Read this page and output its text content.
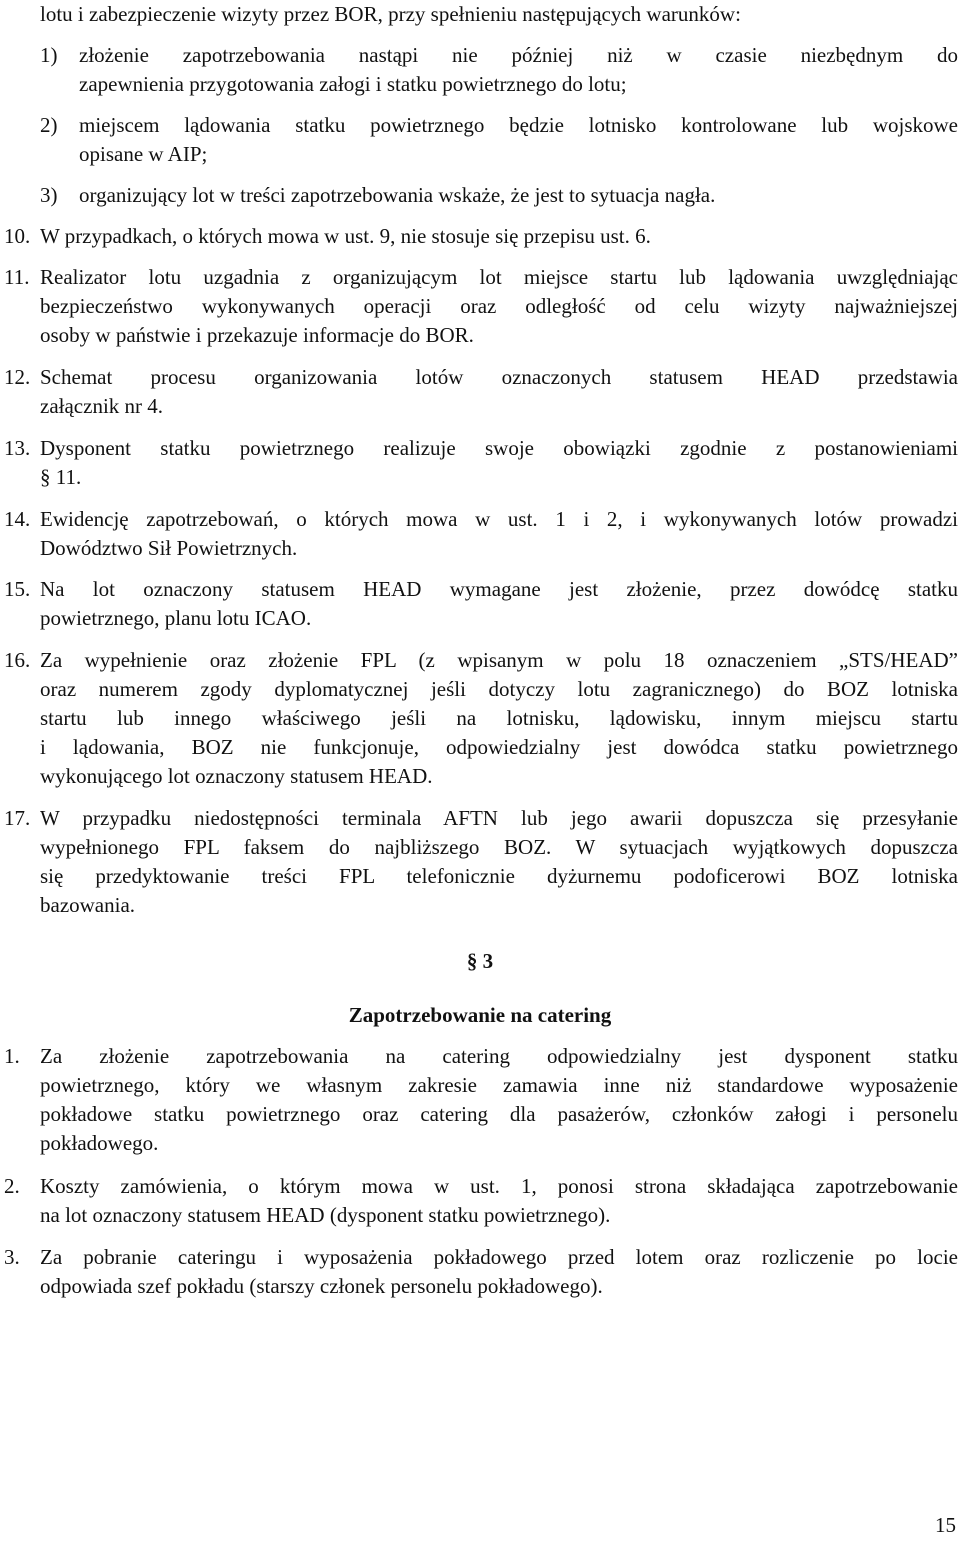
lotu i zabezpieczenie wizyty przez BOR, przy spełnieniu następujących warunków:
1) złożenie zapotrzebowania nastąpi nie później niż w czasie niezbędnym do
zapewnienia przygotowania załogi i statku powietrznego do lotu;
2) miejscem lądowania statku powietrznego będzie lotnisko kontrolowane lub wojskowe
opisane w AIP;
3) organizujący lot w treści zapotrzebowania wskaże, że jest to sytuacja nagła.
10. W przypadkach, o których mowa w ust. 9, nie stosuje się przepisu ust. 6.
11. Realizator lotu uzgadnia z organizującym lot miejsce startu lub lądowania uwzględniając
bezpieczeństwo wykonywanych operacji oraz odległość od celu wizyty najważniejszej
osoby w państwie i przekazuje informacje do BOR.
12. Schemat procesu organizowania lotów oznaczonych statusem HEAD przedstawia
załącznik nr 4.
13. Dysponent statku powietrznego realizuje swoje obowiązki zgodnie z postanowieniami
§ 11.
14. Ewidencję zapotrzebowań, o których mowa w ust. 1 i 2, i wykonywanych lotów prowadzi
Dowództwo Sił Powietrznych.
15. Na lot oznaczony statusem HEAD wymagane jest złożenie, przez dowódcę statku
powietrznego, planu lotu ICAO.
16. Za wypełnienie oraz złożenie FPL (z wpisanym w polu 18 oznaczeniem „STS/HEAD”
oraz numerem zgody dyplomatycznej jeśli dotyczy lotu zagranicznego) do BOZ lotniska
startu lub innego właściwego jeśli na lotnisku, lądowisku, innym miejscu startu
i lądowania, BOZ nie funkcjonuje, odpowiedzialny jest dowódca statku powietrznego
wykonującego lot oznaczony statusem HEAD.
17. W przypadku niedostępności terminala AFTN lub jego awarii dopuszcza się przesyłanie
wypełnionego FPL faksem do najbliższego BOZ. W sytuacjach wyjątkowych dopuszcza
się przedyktowanie treści FPL telefonicznie dyżurnemu podoficerowi BOZ lotniska
bazowania.
§ 3
Zapotrzebowanie na catering
1. Za złożenie zapotrzebowania na catering odpowiedzialny jest dysponent statku
powietrznego, który we własnym zakresie zamawia inne niż standardowe wyposażenie
pokładowe statku powietrznego oraz catering dla pasażerów, członków załogi i personelu
pokładowego.
2. Koszty zamówienia, o którym mowa w ust. 1, ponosi strona składająca zapotrzebowanie
na lot oznaczony statusem HEAD (dysponent statku powietrznego).
3. Za pobranie cateringu i wyposażenia pokładowego przed lotem oraz rozliczenie po locie
odpowiada szef pokładu (starszy członek personelu pokładowego).
15
